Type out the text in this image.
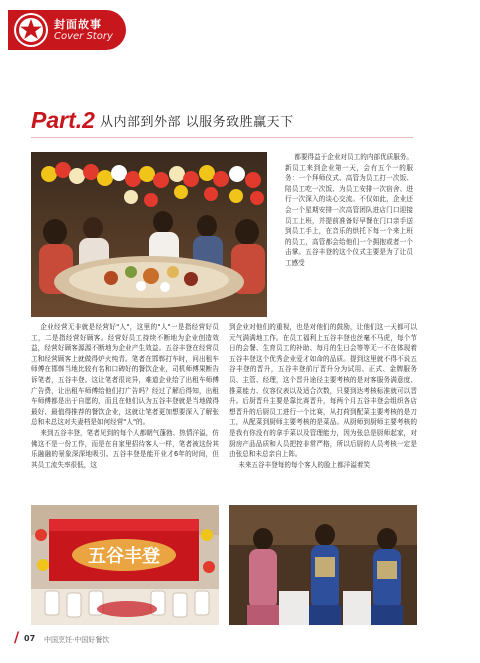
封面故事
Cover Story
Part.2 从内部到外部 以服务致胜赢天下

都要得益于企业对员工的内部优质服务。新员工来到企业第一天，会有五个一的服务：一个拜师仪式、高管为员工打一次饭、陪员工吃一次饭、为员工安排一次宿舍、进行一次深入的谈心交流。不仅如此，企业还会一个星期安排一次高管团队进店门口迎接员工上班，并提前准备好早餐在门口亲手送到员工手上，在音乐的烘托下每一个来上班的员工，高管都会给他们一个拥抱或者一个击掌。五谷丰登的这个仪式主要是为了让员工感受

企业经营无非就是经营好"人"，这里的"人"一是指经营好员工，二是指经营好顾客。经营好员工持续不断地为企业创造效益，经营好顾客源源不断地为企业产生效益。五谷丰登在经营员工和经营顾客上就做得炉火纯青。笔者在邯郸打车时，问出租车师傅在邯郸当地比较有名和口碑好的餐饮企业，司机师傅果断告诉笔者，五谷丰登。这让笔者很诧异，难道企业给了出租车师傅广告费，让出租车师傅给他们打广告吗？经过了解后得知，出租车师傅都是出于自愿的，而且在他们认为五谷丰登就是当地做得最好、最值得推荐的餐饮企业，这就让笔者更加想要深入了解张总和未总这对夫妻档是如何经营"人"的。

来到五谷丰登，笔者见到的每个人都朝气蓬勃、热情洋溢，仿佛这不是一份工作，而是在自家里招待客人一样，笔者被这份其乐融融的景象深深地吸引。五谷丰登是能开业才6年的时间，但其员工流失率很低，这

到企业对他们的重视，也是对他们的鼓励，让他们这一天都可以元气满满地工作。在员工福利上五谷丰登也丝毫不马虎，每个节日的会餐、生育员工的补助、每月的生日会等等无一不在体现着五谷丰登这个优秀企业爱才如命的品质。提到这里就不得不说五谷丰登的晋升，五谷丰登前厅晋升分为试用、正式、金牌服务员、主管、经理，这个晋升途径主要考核的是对客服务满意度、推菜能力、仪容仪表以及适合次数，只要到达考核标准就可以晋升。后厨晋升主要是靠比赛晋升，每两个月五谷丰登会组织各店想晋升的后厨员工进行一个比赛，从打荷到配菜主要考核的是刀工，从配菜到厨师主要考核的是菜品。从厨师到厨师主要考核的是我有你没有的拿手菜以及管理能力，因为张总是厨师起家，对厨房产品品质和人员把控非常严格，所以后厨的人员考核一定是由张总和未总亲自上阵。

未来五谷丰登每的每个客人的脸上都洋溢着笑

五谷丰登
/ 07 中国烹饪·中国好餐饮
